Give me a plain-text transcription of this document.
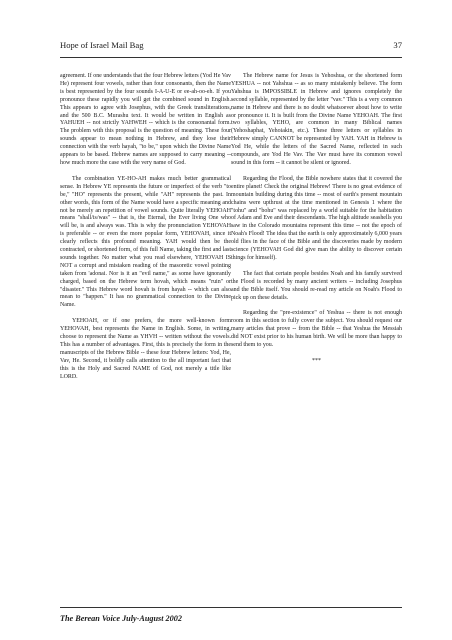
Hope of Israel Mail Bag	37

agreement. If one understands that the four Hebrew letters (Yod He Vav He) represent four vowels, rather than four consonants, then the Name is best represented by the four sounds I-A-U-E or ee-ah-oo-eh. If you pronounce these rapidly you will get the combined sound in English. This appears to agree with Josephus, with the Greek transliterations, and the 500 B.C. Murashu text. It would be written in English as YAHUEH -- not strictly YAHWEH -- which is the consonantal form. The problem with this proposal is the question of meaning. These four sounds appear to mean nothing in Hebrew, and they lose their connection with the verb hayah, "to be," upon which the Divine Name appears to be based. Hebrew names are supposed to carry meaning -- how much more the case with the very name of God.

The combination YE-HO-AH makes much better grammatical sense. In Hebrew YE represents the future or imperfect of the verb "to be," "HO" represents the present, while "AH" represents the past. In other words, this form of the Name would have a specific meaning and not be merely an repetition of vowel sounds. Quite literally YEHOAH means "shall/is/was" -- that is, the Eternal, the Ever living One who will be, is and always was. This is why the pronunciation YEHOVAH is preferable -- or even the more popular form, YEHOVAH, since it clearly reflects this profound meaning. YAH would then be the contracted, or shortened form, of this full Name, taking the first and last sounds together. No matter what you read elsewhere, YEHOVAH IS NOT a corrupt and mistaken reading of the masoretic vowel pointing taken from 'adonai. Nor is it an "evil name," as some have ignorantly charged, based on the Hebrew term hovah, which means "ruin" or "disaster." This Hebrew word hovah is from hayah -- which can also mean to "happen." It has no grammatical connection to the Divine Name.

YEHOAH, or if one prefers, the more well-known form YEHOVAH, best represents the Name in English. Some, in writing, choose to represent the Name as YHVH -- written without the vowels. This has a number of advantages. First, this is precisely the form in the manuscripts of the Hebrew Bible -- these four Hebrew letters: Yod, He, Vav, He. Second, it boldly calls attention to the all important fact that this is the Holy and Sacred NAME of God, not merely a title like LORD.

The Hebrew name for Jesus is Yehoshua, or the shortened form YESHUA -- not Yahshua -- as so many mistakenly believe. The form Yahshua is IMPOSSIBLE in Hebrew and ignores completely the second syllable, represented by the letter "vav." This is a very common name in Hebrew and there is no doubt whatsoever about how to write or pronounce it. It is built from the Divine Name YEHOAH. The first two syllables, YEHO, are common in many Biblical names (Yehoshaphat, Yehoiakin, etc.). These three letters or syllables in Hebrew simply CANNOT be represented by YAH. YAH in Hebrew is Yod He, while the letters of the Sacred Name, reflected in such compounds, are Yod He Vav. The Vav must have its common vowel sound in this form -- it cannot be silent or ignored.

Regarding the Flood, the Bible nowhere states that it covered the entire planet! Check the original Hebrew! There is no great evidence of mountain building during this time -- most of earth's present mountain chains were upthrust at the time mentioned in Genesis 1 where the "tohu" and "bohu" was replaced by a world suitable for the habitation of Adam and Eve and their descendants. The high altitude seashells you saw in the Colorado mountains represent this time -- not the epoch of Noah's Flood! The idea that the earth is only approximately 6,000 years old flies in the face of the Bible and the discoveries made by modern science (YEHOVAH God did give man the ability to discover certain things for himself).

The fact that certain people besides Noah and his family survived the Flood is recorded by many ancient writers -- including Josephus and the Bible itself. You should re-read my article on Noah's Flood to pick up on these details.

Regarding the "pre-existence" of Yeshua -- there is not enough room in this section to fully cover the subject. You should request our many articles that prove -- from the Bible -- that Yeshua the Messiah did NOT exist prior to his human birth. We will be more than happy to send them to you.

***

The Berean Voice July-August 2002
